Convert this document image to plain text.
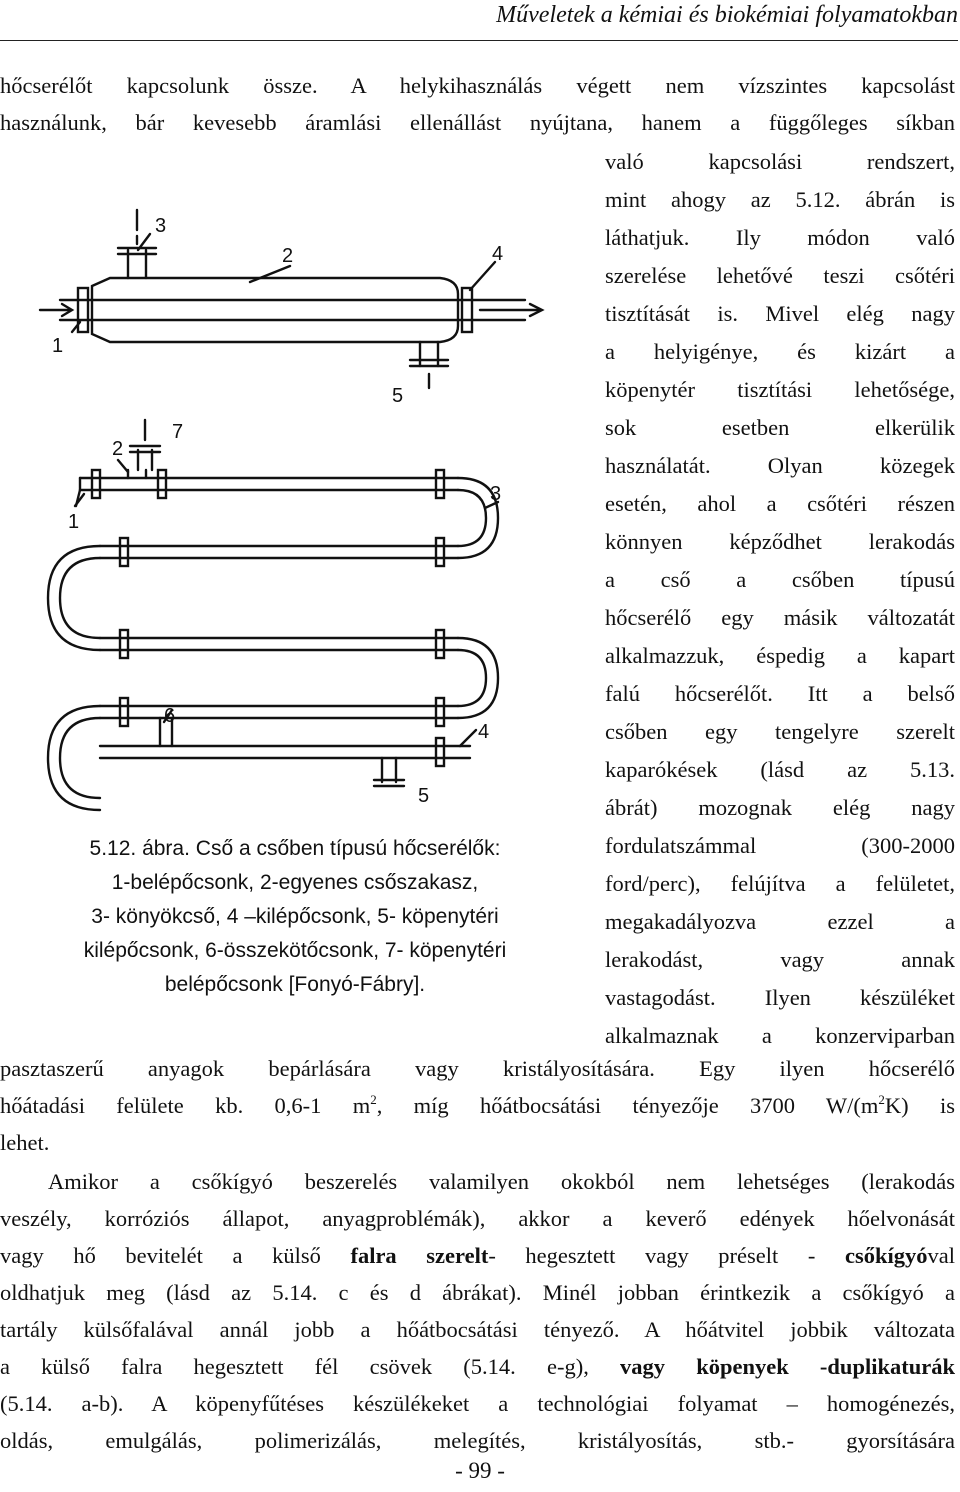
Műveletek a kémiai és biokémiai folyamatokban
hőcserélőt kapcsolunk össze. A helykihasználás végett nem vízszintes kapcsolást
használunk, bár kevesebb áramlási ellenállást nyújtana, hanem a függőleges síkban
való kapcsolási rendszert,
mint ahogy az 5.12. ábrán is
láthatjuk. Ily módon való
szerelése lehetővé teszi csőtéri
tisztítását is. Mivel elég nagy
a helyigénye, és kizárt a
köpenytér tisztítási lehetősége,
sok esetben elkerülik
használatát. Olyan közegek
esetén, ahol a csőtéri részen
könnyen képződhet lerakodás
a cső a csőben típusú
hőcserélő egy másik változatát
alkalmazzuk, éspedig a kapart
falú hőcserélőt. Itt a belső
csőben egy tengelyre szerelt
kaparókések (lásd az 5.13.
ábrát) mozognak elég nagy
fordulatszámmal (300-2000
ford/perc), felújítva a felületet,
megakadályozva ezzel a
lerakodást, vagy annak
vastagodást. Ilyen készüléket
alkalmaznak a konzerviparban
3
2	4
1
5
2
7
3
1
6
4
5
5.12. ábra. Cső a csőben típusú hőcserélők:
1-belépőcsonk, 2-egyenes csőszakasz,
3- könyökcső, 4 –kilépőcsonk, 5- köpenytéri
kilépőcsonk, 6-összekötőcsonk, 7- köpenytéri
belépőcsonk [Fonyó-Fábry].
pasztaszerű anyagok bepárlására vagy kristályosítására. Egy ilyen hőcserélő
hőátadási felülete kb. 0,6-1 $m^2$, míg hőátbocsátási tényezője 3700 $W/(m^2K)$ is
lehet.
Amikor a csőkígyó beszerelés valamilyen okokból nem lehetséges (lerakodás
veszély, korróziós állapot, anyagproblémák), akkor a keverő edények hőelvonását
vagy hő bevitelét a külső falra szerelt- hegesztett vagy préselt - csőkígyóval
oldhatjuk meg (lásd az 5.14. c és d ábrákat). Minél jobban érintkezik a csőkígyó a
tartály külsőfalával annál jobb a hőátbocsátási tényező. A hőátvitel jobbik változata
a külső falra hegesztett fél csövek (5.14. e-g), vagy köpenyek -duplikaturák
(5.14. a-b). A köpenyfűtéses készülékeket a technológiai folyamat – homogénezés,
oldás, emulgálás, polimerizálás, melegítés, kristályosítás, stb.- gyorsítására
- 99 -
